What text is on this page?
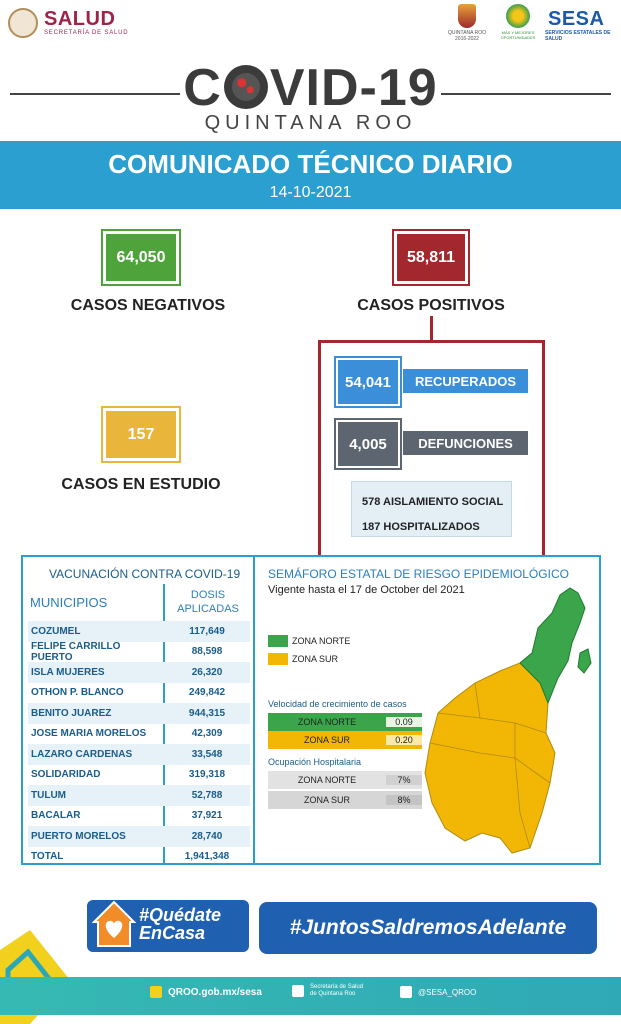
SALUD
SECRETARÍA DE SALUD	QUINTANA ROO
2016-2022
MÁS Y MEJORES OPORTUNIDADES
SESA
SERVICIOS ESTATALES DE SALUD
C VID-19
QUINTANA ROO
COMUNICADO TÉCNICO DIARIO
14-10-2021
64,050
CASOS NEGATIVOS
58,811
CASOS POSITIVOS
157
CASOS EN ESTUDIO
54,041	RECUPERADOS
4,005	DEFUNCIONES
578 AISLAMIENTO SOCIAL
187 HOSPITALIZADOS
VACUNACIÓN CONTRA COVID-19
MUNICIPIOS	DOSIS
APLICADAS
COZUMEL	117,649
FELIPE CARRILLO PUERTO	88,598
ISLA MUJERES	26,320
OTHON P. BLANCO	249,842
BENITO JUAREZ	944,315
JOSE MARIA MORELOS	42,309
LAZARO CARDENAS	33,548
SOLIDARIDAD	319,318
TULUM	52,788
BACALAR	37,921
PUERTO MORELOS	28,740
TOTAL	1,941,348
SEMÁFORO ESTATAL DE RIESGO EPIDEMIOLÓGICO
Vigente hasta el 17 de October del 2021
ZONA NORTE
ZONA SUR
Velocidad de crecimiento de casos
ZONA NORTE	0.09
ZONA SUR	0.20
Ocupación Hospitalaria
ZONA NORTE	7%
ZONA SUR	8%
#Quédate
EnCasa	#JuntosSaldremosAdelante
QROO.gob.mx/sesa	Secretaría de Salud
de Quintana Roo	@SESA_QROO
